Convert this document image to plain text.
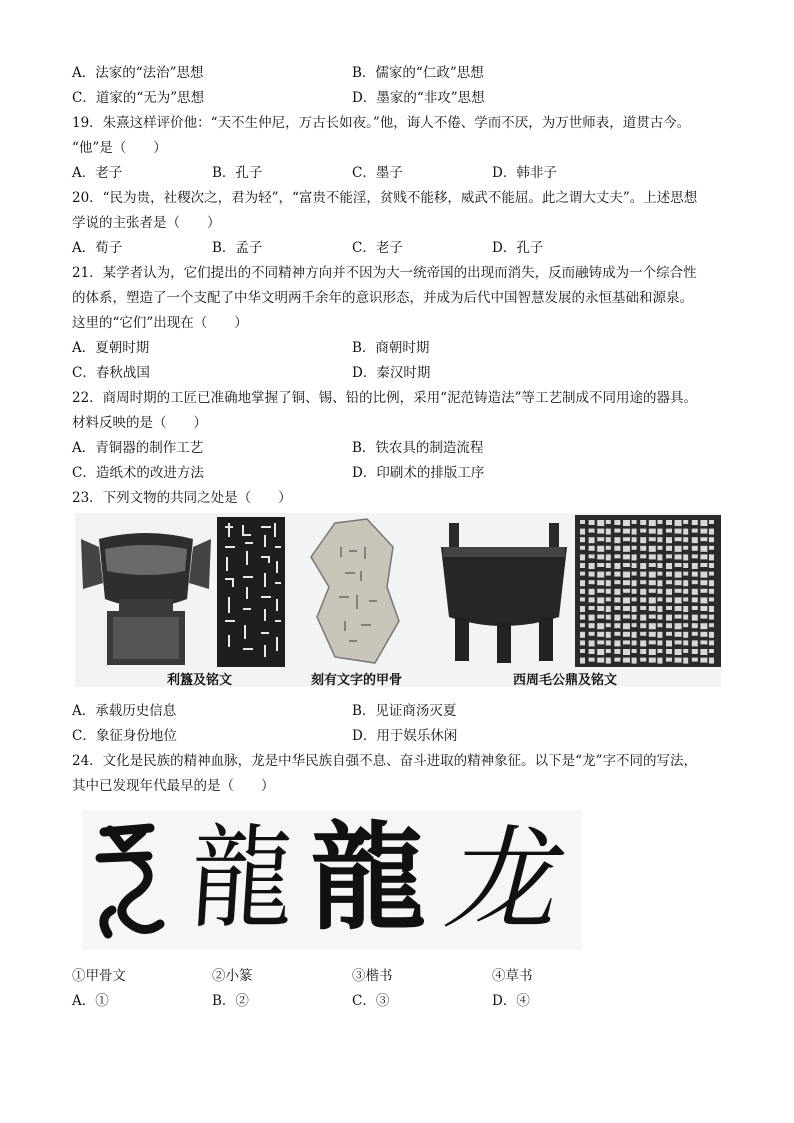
A．法家的“法治”思想	B．儒家的“仁政”思想
C．道家的“无为”思想	D．墨家的“非攻”思想
19．朱熹这样评价他：“天不生仲尼，万古长如夜。”他，诲人不倦、学而不厌，为万世师表，道贯古今。
“他”是（　　）
A．老子	B．孔子	C．墨子	D．韩非子
20．“民为贵，社稷次之，君为轻”，“富贵不能淫，贫贱不能移，威武不能屈。此之谓大丈夫”。上述思想
学说的主张者是（　　）
A．荀子	B．孟子	C．老子	D．孔子
21．某学者认为，它们提出的不同精神方向并不因为大一统帝国的出现而消失，反而融铸成为一个综合性
的体系，塑造了一个支配了中华文明两千余年的意识形态，并成为后代中国智慧发展的永恒基础和源泉。
这里的“它们”出现在（　　）
A．夏朝时期	B．商朝时期
C．春秋战国	D．秦汉时期
22．商周时期的工匠已准确地掌握了铜、锡、铅的比例，采用“泥范铸造法”等工艺制成不同用途的器具。
材料反映的是（　　）
A．青铜器的制作工艺	B．铁农具的制造流程
C．造纸术的改进方法	D．印刷术的排版工序
23．下列文物的共同之处是（　　）
利簋及铭文	刻有文字的甲骨	西周毛公鼎及铭文
A．承载历史信息	B．见证商汤灭夏
C．象征身份地位	D．用于娱乐休闲
24．文化是民族的精神血脉，龙是中华民族自强不息、奋斗进取的精神象征。以下是“龙”字不同的写法，
其中已发现年代最早的是（　　）
龍 龍 龙
①甲骨文	②小篆	③楷书	④草书
A．①	B．②	C．③	D．④
